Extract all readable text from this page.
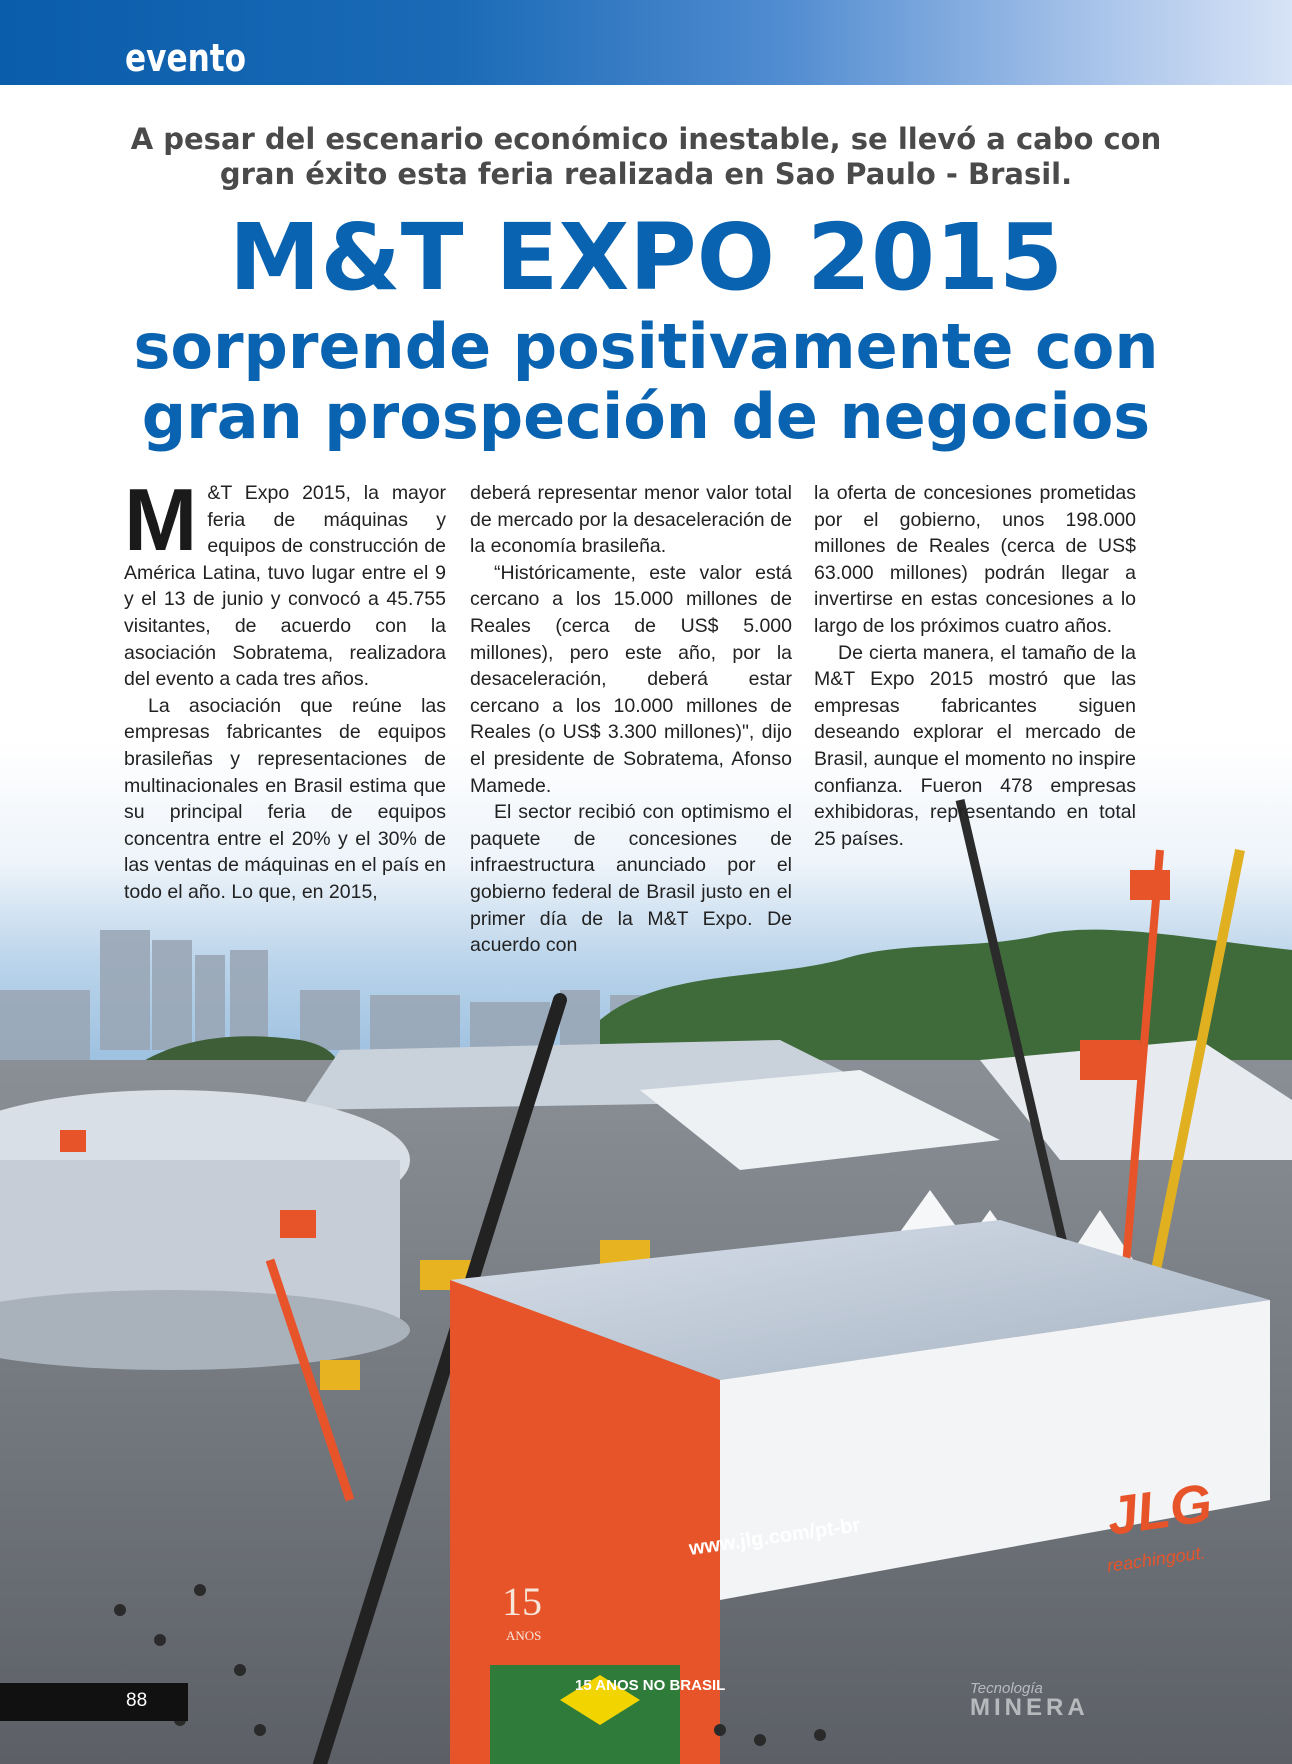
evento
A pesar del escenario económico inestable, se llevó a cabo con
gran éxito esta feria realizada en Sao Paulo - Brasil.
M&T EXPO 2015
sorprende positivamente con
gran prospeción de negocios
www.jlg.com/pt-br	JLG
reachingout.
15
ANOS
15 ANOS NO BRASIL

M &T Expo 2015, la mayor feria de máquinas y equipos de construcción de América Latina, tuvo lugar entre el 9 y el 13 de junio y convocó a 45.755 visitantes, de acuerdo con la asociación Sobratema, realizadora del evento a cada tres años.

La asociación que reúne las empresas fabricantes de equipos brasileñas y representaciones de multinacionales en Brasil estima que su principal feria de equipos concentra entre el 20% y el 30% de las ventas de máquinas en el país en todo el año. Lo que, en 2015,

deberá representar menor valor total de mercado por la desaceleración de la economía brasileña.

“Históricamente, este valor está cercano a los 15.000 millones de Reales (cerca de US$ 5.000 millones), pero este año, por la desaceleración, deberá estar cercano a los 10.000 millones de Reales (o US$ 3.300 millones)", dijo el presidente de Sobratema, Afonso Mamede.

El sector recibió con optimismo el paquete de concesiones de infraestructura anunciado por el gobierno federal de Brasil justo en el primer día de la M&T Expo. De acuerdo con

la oferta de concesiones prometidas por el gobierno, unos 198.000 millones de Reales (cerca de US$ 63.000 millones) podrán llegar a invertirse en estas concesiones a lo largo de los próximos cuatro años.

De cierta manera, el tamaño de la M&T Expo 2015 mostró que las empresas fabricantes siguen deseando explorar el mercado de Brasil, aunque el momento no inspire confianza. Fueron 478 empresas exhibidoras, representando en total 25 países.

88
Tecnología
MINERA
